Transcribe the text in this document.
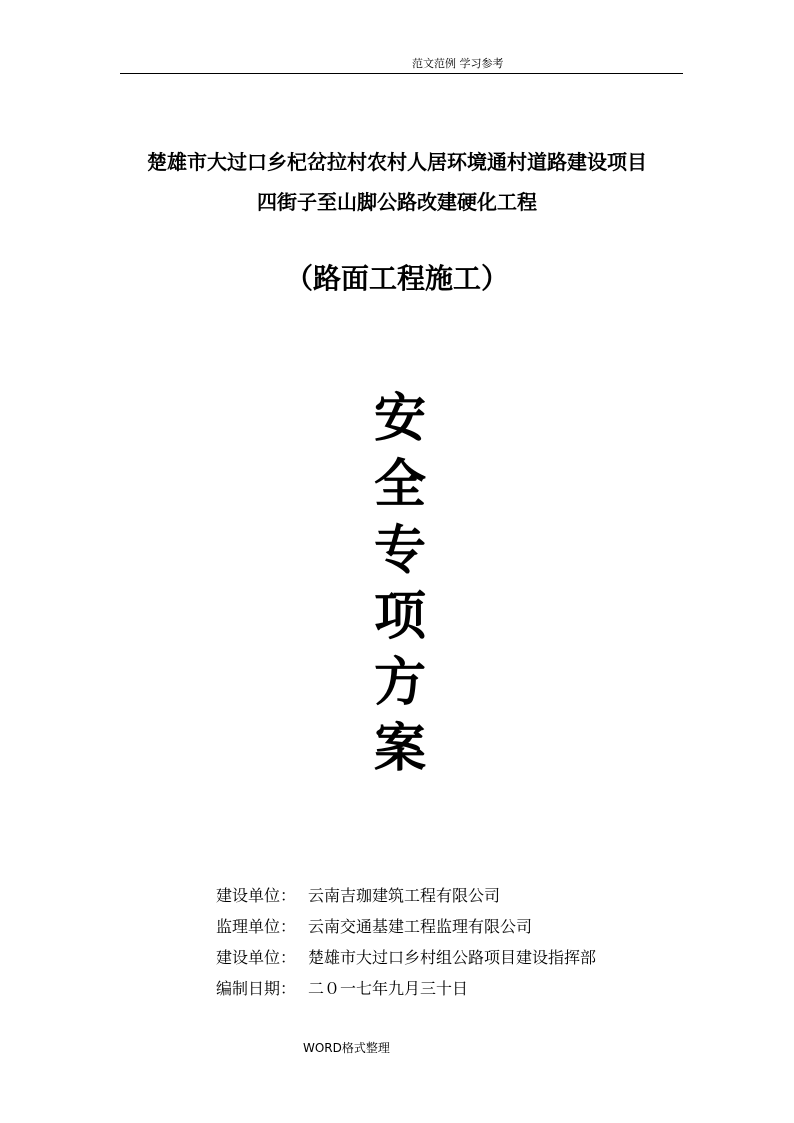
范文范例 学习参考
楚雄市大过口乡杞岔拉村农村人居环境通村道路建设项目
四街子至山脚公路改建硬化工程
（路面工程施工）
安
全
专
项
方
案
建设单位： 云南吉珈建筑工程有限公司
监理单位： 云南交通基建工程监理有限公司
建设单位： 楚雄市大过口乡村组公路项目建设指挥部
编制日期： 二０一七年九月三十日
WORD格式整理
